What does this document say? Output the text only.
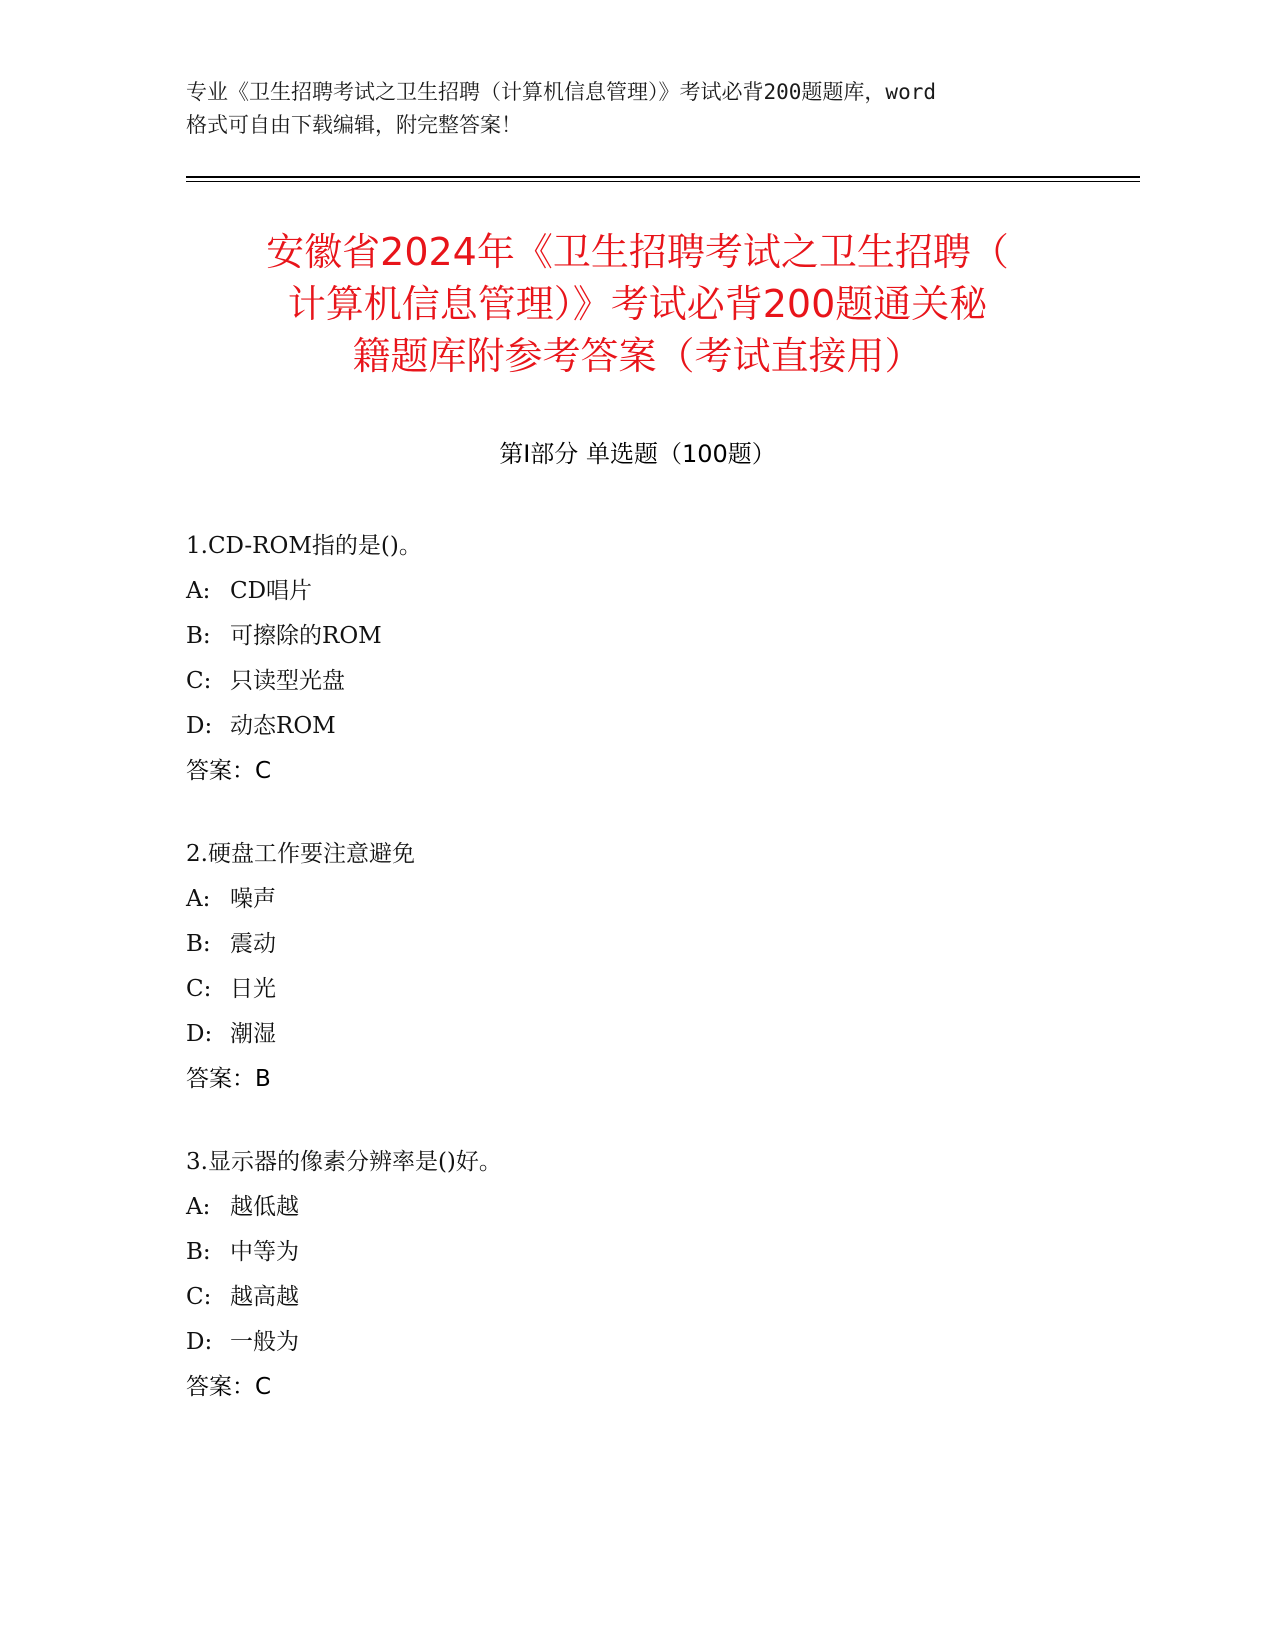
专业《卫生招聘考试之卫生招聘（计算机信息管理）》考试必背200题题库，word
格式可自由下载编辑，附完整答案！
安徽省2024年《卫生招聘考试之卫生招聘（
计算机信息管理）》考试必背200题通关秘
籍题库附参考答案（考试直接用）
第Ⅰ部分 单选题（100题）
1.CD-ROM指的是()。
A: CD唱片
B: 可擦除的ROM
C: 只读型光盘
D: 动态ROM
答案：C
2.硬盘工作要注意避免
A: 噪声
B: 震动
C: 日光
D: 潮湿
答案：B
3.显示器的像素分辨率是()好。
A: 越低越
B: 中等为
C: 越高越
D: 一般为
答案：C
